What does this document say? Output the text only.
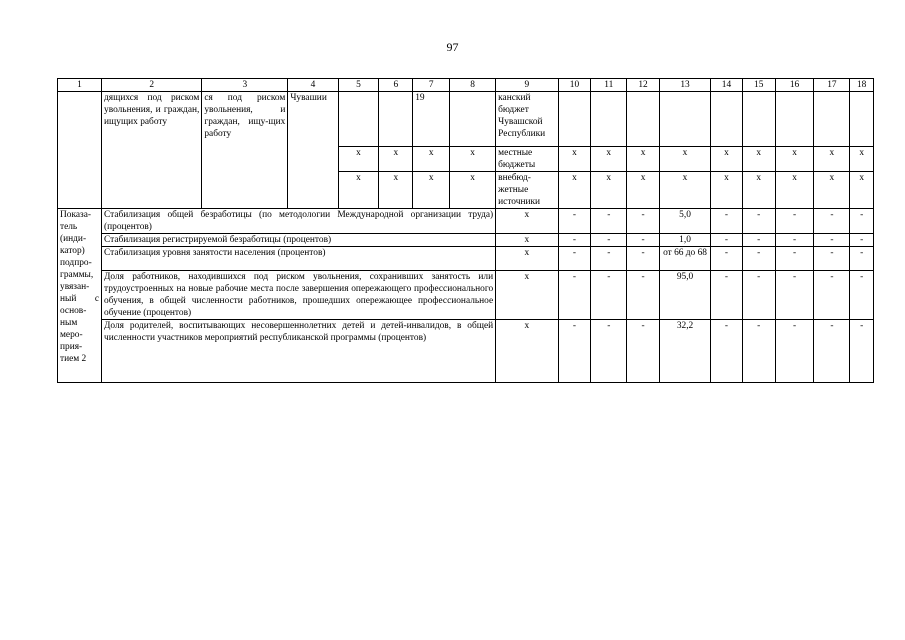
97
1	2	3	4	5	6	7	8	9	10	11	12	13	14	15	16	17	18
	дящихся под риском увольнения, и граждан, ищущих работу	ся под риском увольнения, и граждан, ищу-щих работу	Чувашии			19		канский бюджет Чувашской Республики									
				x	x	x	x	местные бюджеты	x	x	x	x	x	x	x	x	x
				x	x	x	x	внебюд-жетные источники	x	x	x	x	x	x	x	x	x
Показа-тель (инди-катор) подпро-граммы, увязан-ный с основ-ным меро-прия-тием 2	Стабилизация общей безработицы (по методологии Международной организации труда) (процентов)							x	-	-	-	5,0	-	-	-	-	-
	Стабилизация регистрируемой безработицы (процентов)							x	-	-	-	1,0	-	-	-	-	-
	Стабилизация уровня занятости населения (процентов)							x	-	-	-	от 66 до 68	-	-	-	-	-
	Доля работников, находившихся под риском увольнения, сохранивших занятость или трудоустроенных на новые рабочие места после завершения опережающего профессионального обучения, в общей численности работников, прошедших опережающее профессиональное обучение (процентов)							x	-	-	-	95,0	-	-	-	-	-
	Доля родителей, воспитывающих несовершеннолетних детей и детей-инвалидов, в общей численности участников мероприятий республиканской программы (процентов)							x	-	-	-	32,2	-	-	-	-	-
